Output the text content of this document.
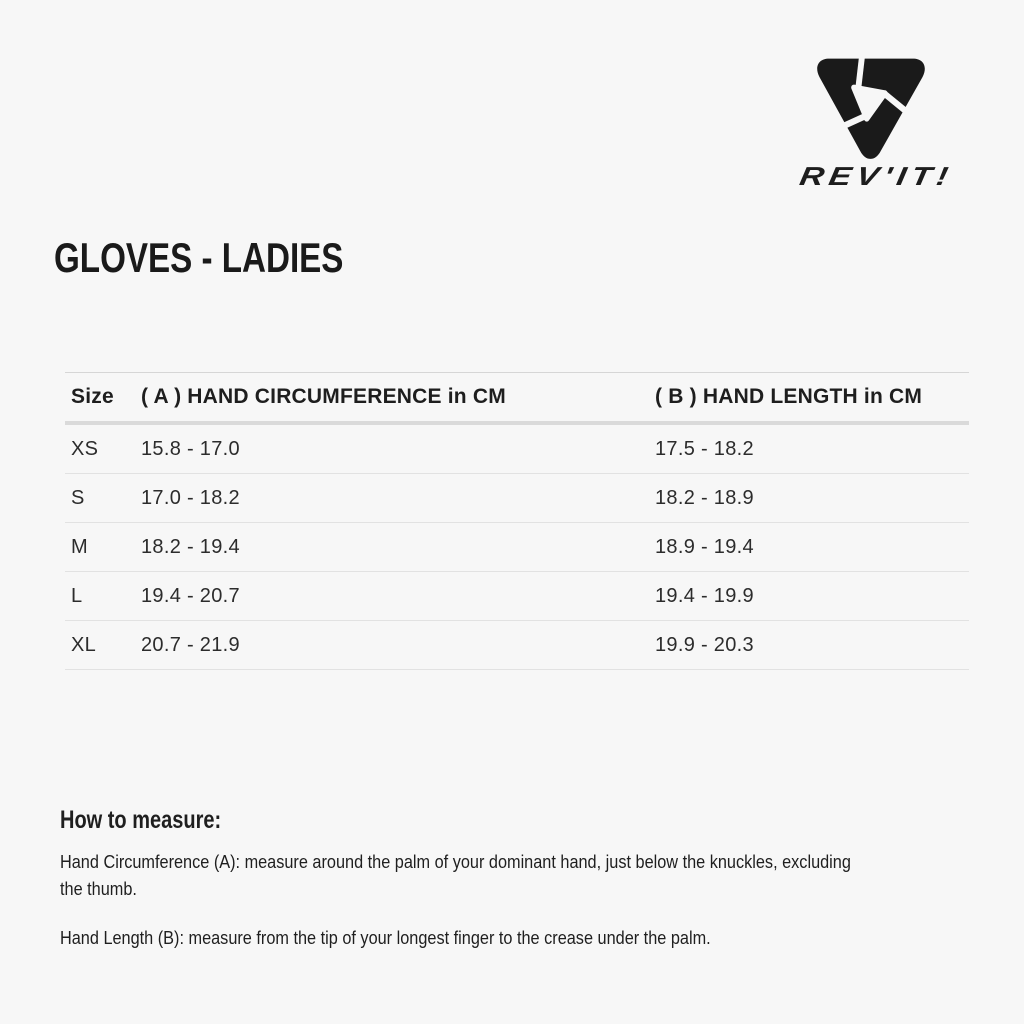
REV'IT!
GLOVES - LADIES
Size	( A ) HAND CIRCUMFERENCE in CM	( B ) HAND LENGTH in CM
XS	15.8 - 17.0	17.5 - 18.2
S	17.0 - 18.2	18.2 - 18.9
M	18.2 - 19.4	18.9 - 19.4
L	19.4 - 20.7	19.4 - 19.9
XL	20.7 - 21.9	19.9 - 20.3
How to measure:

Hand Circumference (A): measure around the palm of your dominant hand, just below the knuckles, excluding the thumb.

Hand Length (B): measure from the tip of your longest finger to the crease under the palm.
